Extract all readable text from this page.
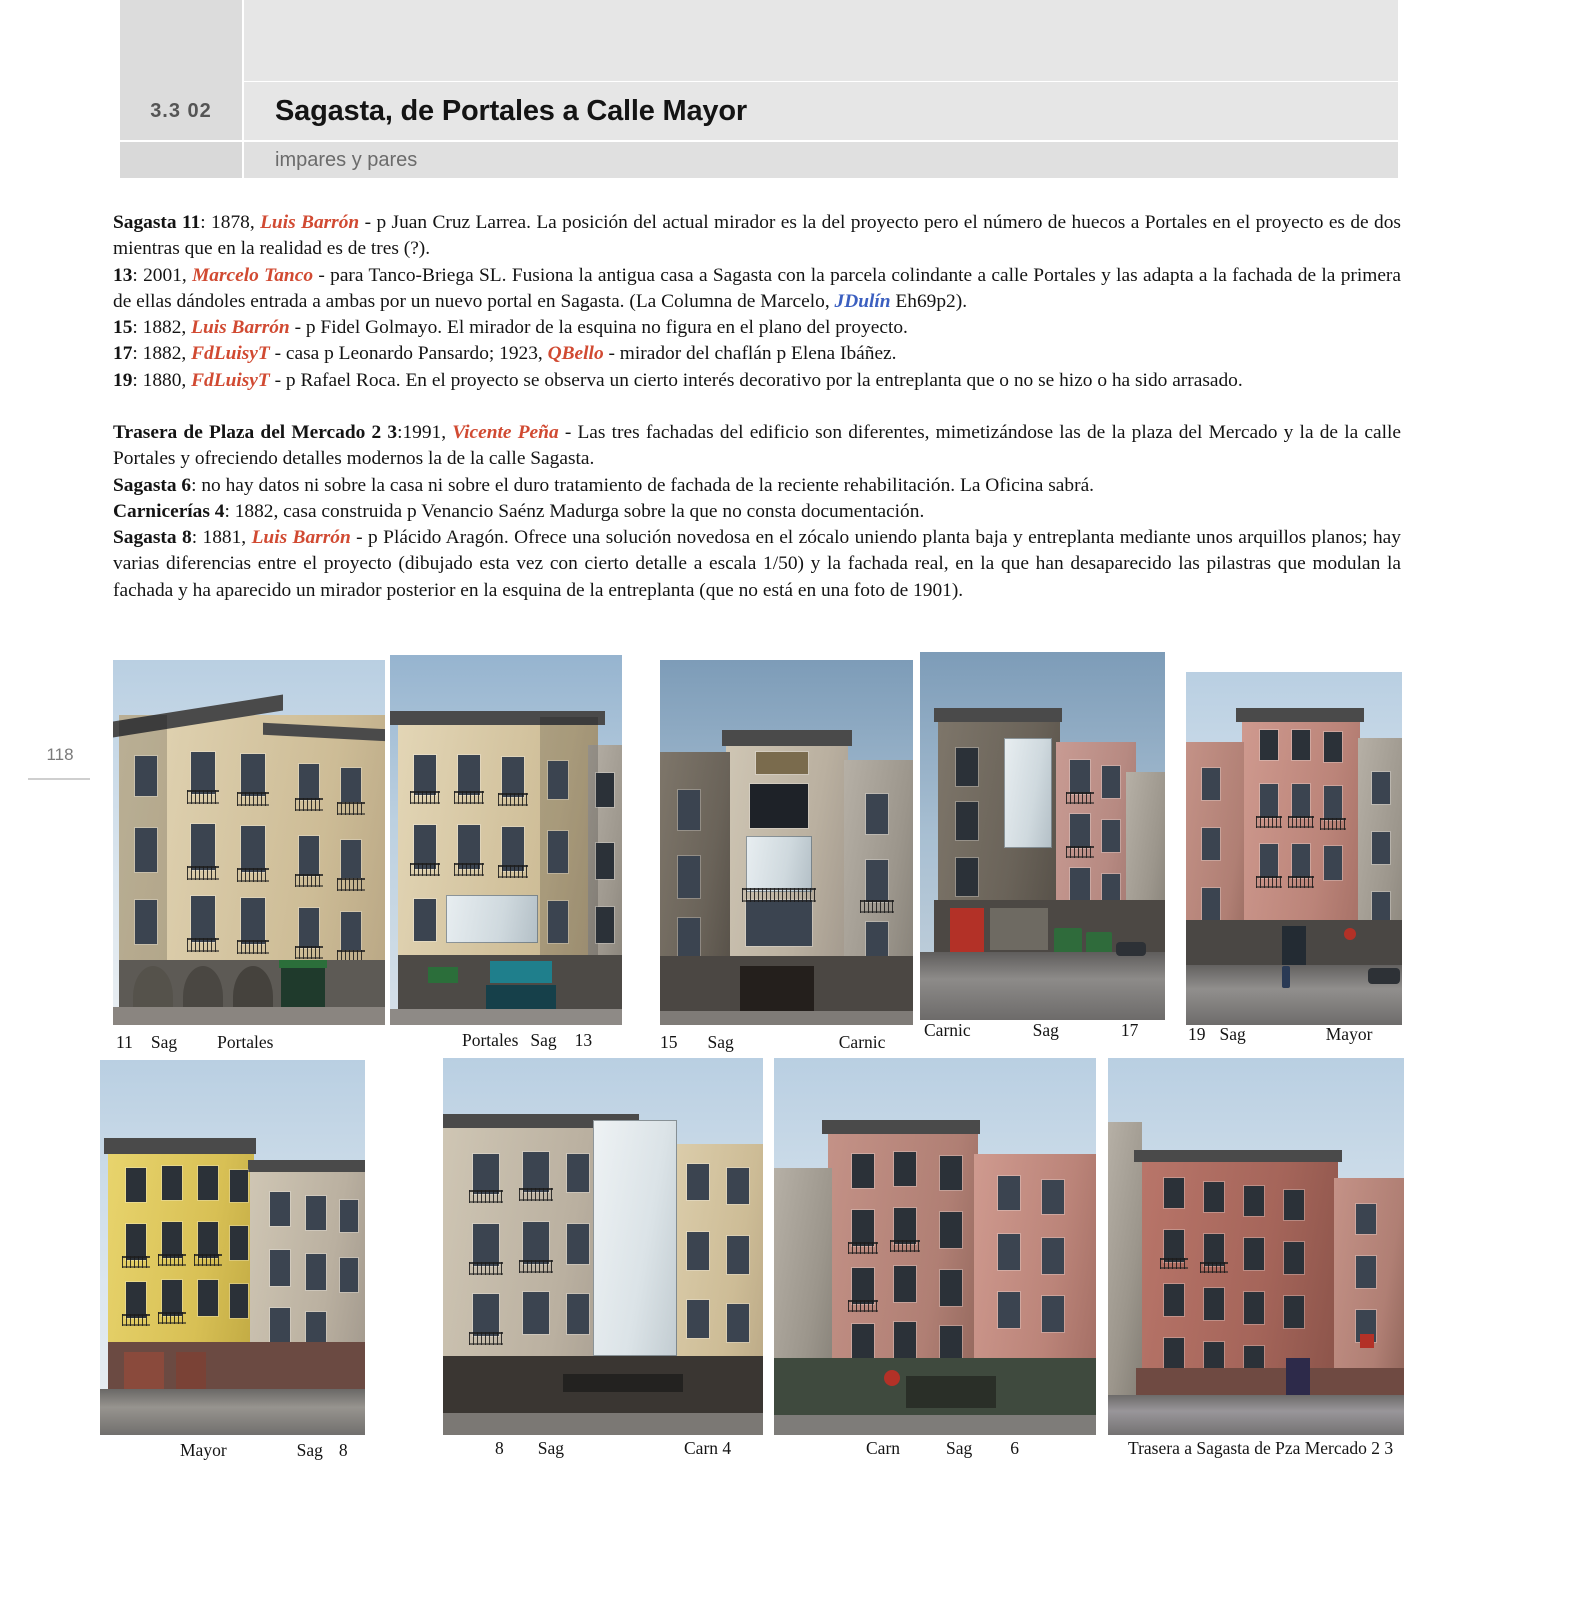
3.3 02	Sagasta, de Portales a Calle Mayor
impares y pares
118

Sagasta 11: 1878, Luis Barrón - p Juan Cruz Larrea. La posición del actual mirador es la del proyecto pero el número de huecos a Portales en el proyecto es de dos mientras que en la realidad es de tres (?).

13: 2001, Marcelo Tanco - para Tanco-Briega SL. Fusiona la antigua casa a Sagasta con la parcela colindante a calle Portales y las adapta a la fachada de la primera de ellas dándoles entrada a ambas por un nuevo portal en Sagasta. (La Columna de Marcelo, JDulín Eh69p2).

15: 1882, Luis Barrón - p Fidel Golmayo. El mirador de la esquina no figura en el plano del proyecto.

17: 1882, FdLuisyT - casa p Leonardo Pansardo; 1923, QBello - mirador del chaflán p Elena Ibáñez.

19: 1880, FdLuisyT - p Rafael Roca. En el proyecto se observa un cierto interés decorativo por la entreplanta que o no se hizo o ha sido arrasado.

Trasera de Plaza del Mercado 2 3:1991, Vicente Peña - Las tres fachadas del edificio son diferentes, mimetizándose las de la plaza del Mercado y la de la calle Portales y ofreciendo detalles modernos la de la calle Sagasta.

Sagasta 6: no hay datos ni sobre la casa ni sobre el duro tratamiento de fachada de la reciente rehabilitación. La Oficina sabrá.

Carnicerías 4: 1882, casa construida p Venancio Saénz Madurga sobre la que no consta documentación.

Sagasta 8: 1881, Luis Barrón - p Plácido Aragón. Ofrece una solución novedosa en el zócalo uniendo planta baja y entreplanta mediante unos arquillos planos; hay varias diferencias entre el proyecto (dibujado esta vez con cierto detalle a escala 1/50) y la fachada real, en la que han desaparecido las pilastras que modulan la fachada y ha aparecido un mirador posterior en la esquina de la entreplanta (que no está en una foto de 1901).

11 Sag Portales	Portales Sag 13	15 Sag	Carnic
Carnic	Sag	17	19 Sag	Mayor
Mayor	Sag 8	8 Sag	Carn 4	Carn	Sag 6	Trasera a Sagasta de Pza Mercado 2 3
